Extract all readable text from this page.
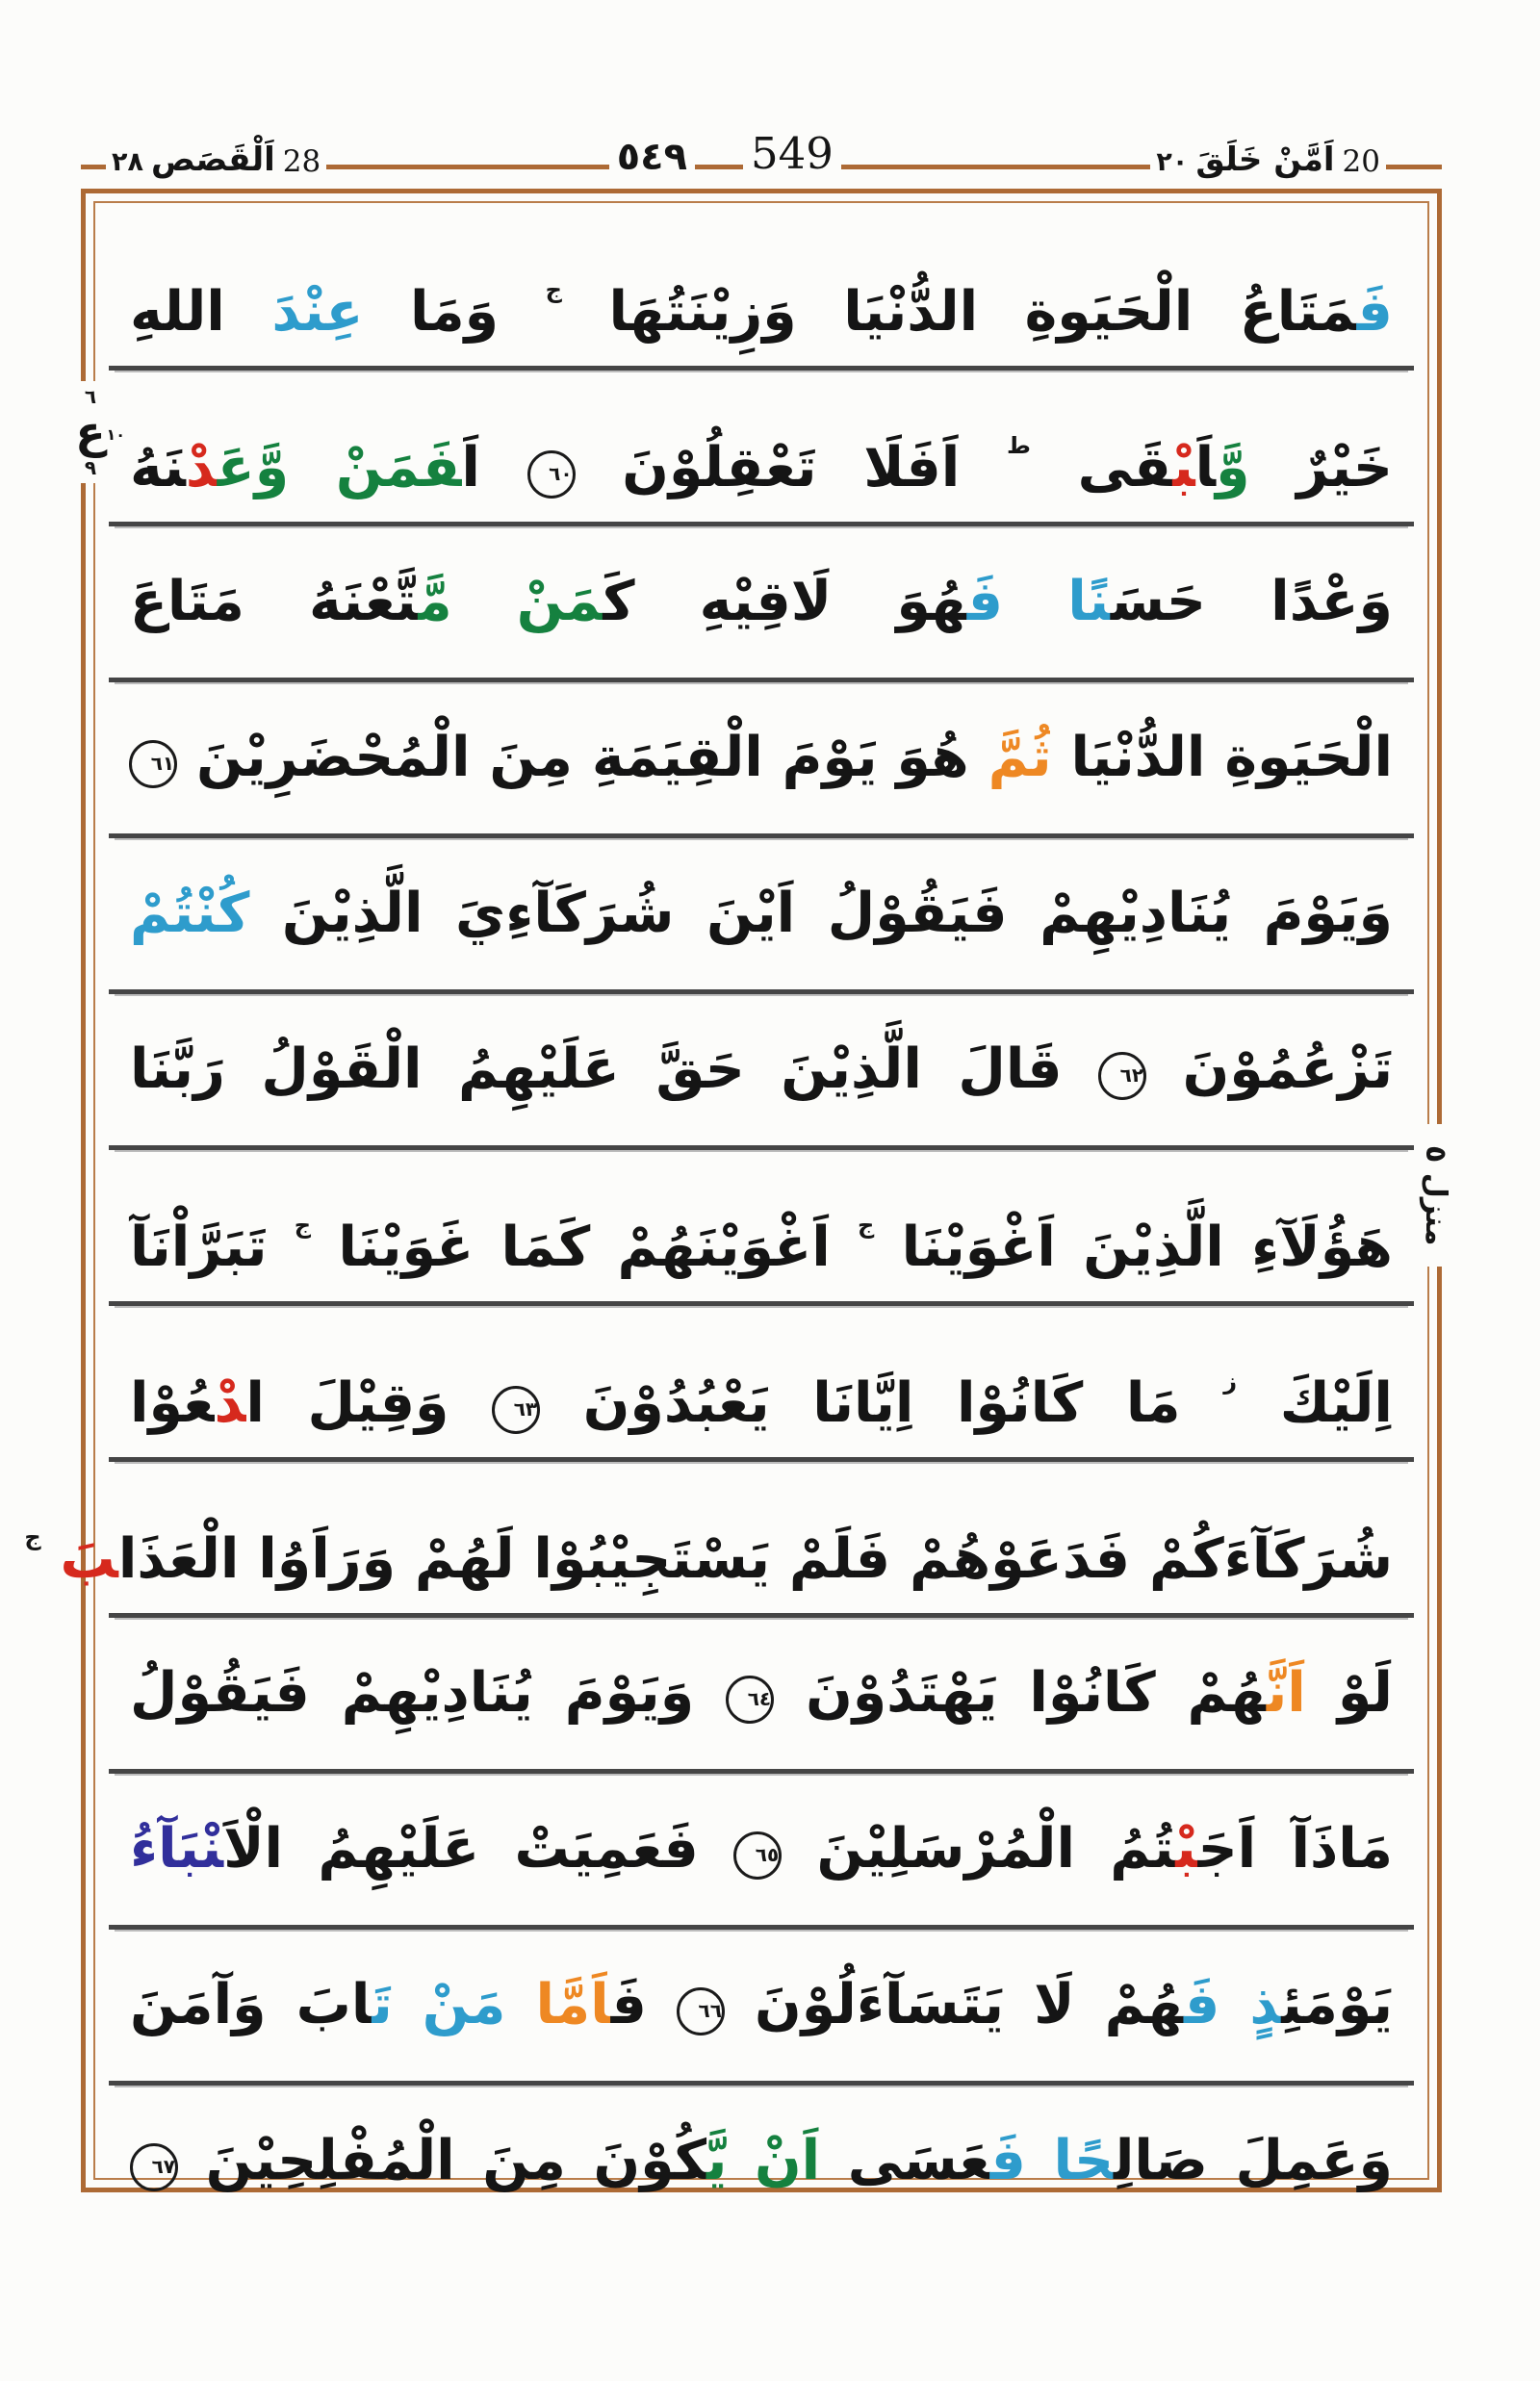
٢٨ اَلْقَصَص 28	٥٤٩ 549	٢٠ اَمَّنْ خَلَقَ 20
فَ‍‍مَتَاعُ الْحَيَوةِ الدُّنْيَا وَزِيْنَتُهَا $^ج$ وَمَا عِنْدَ اللهِ
خَيْرٌ وَّ‍اَ‍بْ‍‍قَى $^ط$ اَفَلَا تَعْقِلُوْنَ ٦٠ اَ‍فَمَنْ وَّعَ‍‍دْ‍نَهُ
وَعْدًا حَسَ‍‍نًا فَ‍‍هُوَ لَاقِيْهِ كَ‍‍مَنْ مَّ‍‍تَّعْنَهُ مَتَاعَ
الْحَيَوةِ الدُّنْيَا ثُمَّ هُوَ يَوْمَ الْقِيَمَةِ مِنَ الْمُحْضَرِيْنَ ٦١
وَيَوْمَ يُنَادِيْهِمْ فَيَقُوْلُ اَيْنَ شُرَكَآءِيَ الَّذِيْنَ كُنْتُمْ
تَزْعُمُوْنَ ٦٢ قَالَ الَّذِيْنَ حَقَّ عَلَيْهِمُ الْقَوْلُ رَبَّنَا
هَؤُلَآءِ الَّذِيْنَ اَغْوَيْنَا $^ج$ اَغْوَيْنَهُمْ كَمَا غَوَيْنَا $^ج$ تَبَرَّاْنَآ
اِلَيْكَ $^ز$ مَا كَانُوْا اِيَّانَا يَعْبُدُوْنَ ٦٣ وَقِيْلَ ا‍دْ‍عُوْا
شُرَكَآءَكُمْ فَدَعَوْهُمْ فَلَمْ يَسْتَجِيْبُوْا لَهُمْ وَرَاَوُا الْعَذَا‍بَ $^ج$
لَوْ اَنَّ‍‍هُمْ كَانُوْا يَهْتَدُوْنَ ٦٤ وَيَوْمَ يُنَادِيْهِمْ فَيَقُوْلُ
مَاذَآ اَجَ‍‍بْ‍‍تُمُ الْمُرْسَلِيْنَ ٦٥ فَعَمِيَتْ عَلَيْهِمُ الْاَ‍نْبَآءُ
يَوْمَئِ‍‍ذٍ فَ‍‍هُمْ لَا يَتَسَآءَلُوْنَ ٦٦ فَ‍‍اَمَّا مَنْ تَ‍‍ابَ وَآمَنَ
وَعَمِلَ صَالِ‍‍حًا فَ‍‍عَسَى اَنْ يَّ‍‍كُوْنَ مِنَ الْمُفْلِحِيْنَ ٦٧
٦
ع ١٠
٩
منزل ٥
